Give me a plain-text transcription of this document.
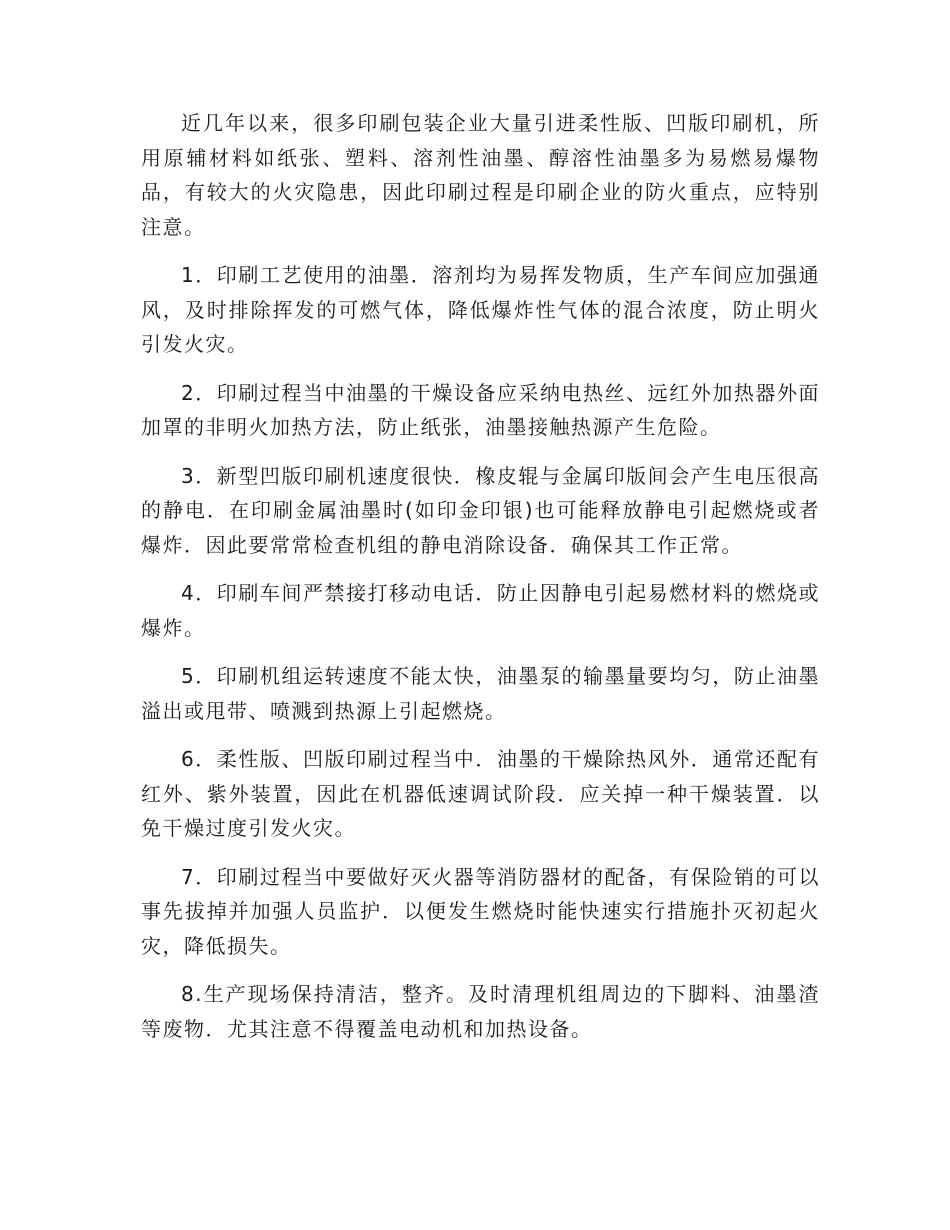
近几年以来，很多印刷包装企业大量引进柔性版、凹版印刷机，所用原辅材料如纸张、塑料、溶剂性油墨、醇溶性油墨多为易燃易爆物品，有较大的火灾隐患，因此印刷过程是印刷企业的防火重点，应特别注意。

1．印刷工艺使用的油墨．溶剂均为易挥发物质，生产车间应加强通风，及时排除挥发的可燃气体，降低爆炸性气体的混合浓度，防止明火引发火灾。

2．印刷过程当中油墨的干燥设备应采纳电热丝、远红外加热器外面加罩的非明火加热方法，防止纸张，油墨接触热源产生危险。

3．新型凹版印刷机速度很快．橡皮辊与金属印版间会产生电压很高的静电．在印刷金属油墨时(如印金印银)也可能释放静电引起燃烧或者爆炸．因此要常常检查机组的静电消除设备．确保其工作正常。

4．印刷车间严禁接打移动电话．防止因静电引起易燃材料的燃烧或爆炸。

5．印刷机组运转速度不能太快，油墨泵的输墨量要均匀，防止油墨溢出或甩带、喷溅到热源上引起燃烧。

6．柔性版、凹版印刷过程当中．油墨的干燥除热风外．通常还配有红外、紫外装置，因此在机器低速调试阶段．应关掉一种干燥装置．以免干燥过度引发火灾。

7．印刷过程当中要做好灭火器等消防器材的配备，有保险销的可以事先拔掉并加强人员监护．以便发生燃烧时能快速实行措施扑灭初起火灾，降低损失。

8.生产现场保持清洁，整齐。及时清理机组周边的下脚料、油墨渣等废物．尤其注意不得覆盖电动机和加热设备。
